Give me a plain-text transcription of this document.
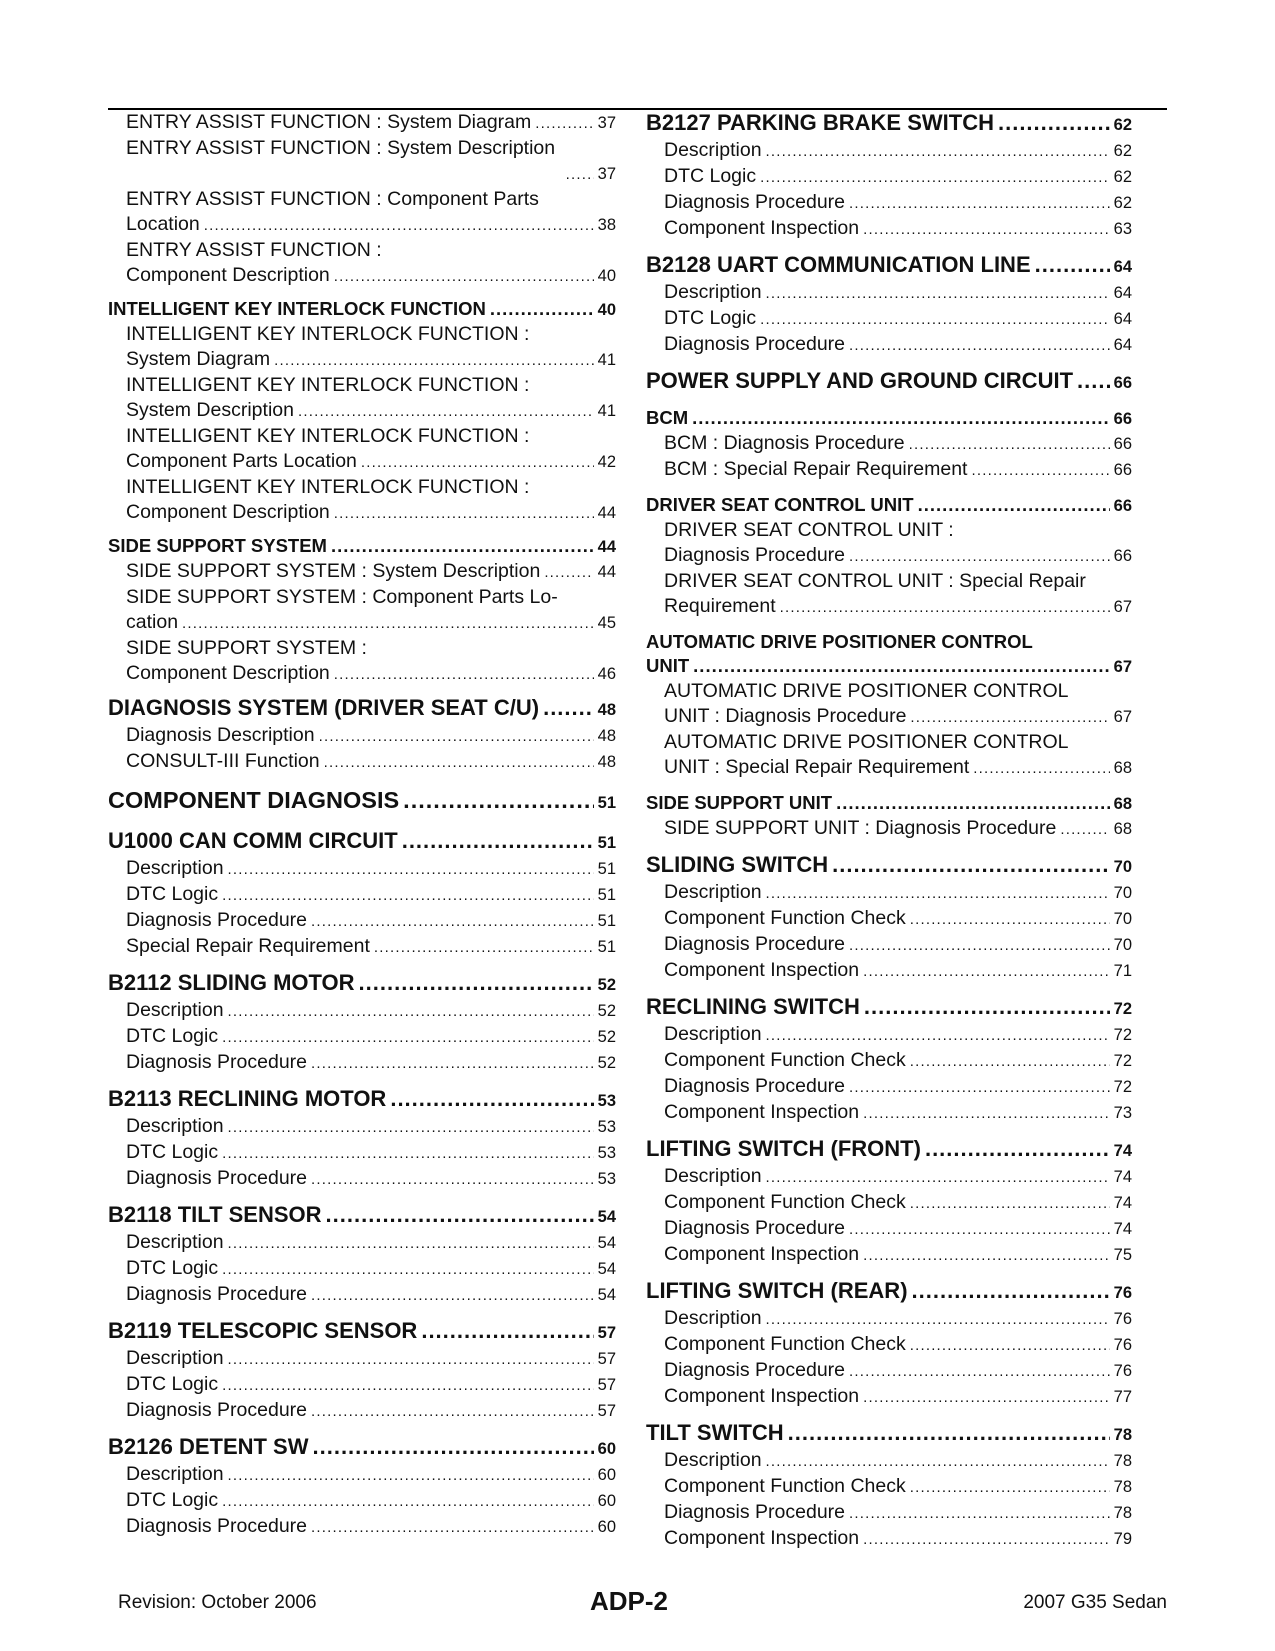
ENTRY ASSIST FUNCTION : System Diagram .....	37
ENTRY ASSIST FUNCTION : System Description
.....
37
ENTRY ASSIST FUNCTION : Component Parts
Location .....	38
ENTRY ASSIST FUNCTION :
Component Description .....	40
INTELLIGENT KEY INTERLOCK FUNCTION .....	40
INTELLIGENT KEY INTERLOCK FUNCTION :
System Diagram .....	41
INTELLIGENT KEY INTERLOCK FUNCTION :
System Description .....	41
INTELLIGENT KEY INTERLOCK FUNCTION :
Component Parts Location .....	42
INTELLIGENT KEY INTERLOCK FUNCTION :
Component Description .....	44
SIDE SUPPORT SYSTEM .....	44
SIDE SUPPORT SYSTEM : System Description .....	44
SIDE SUPPORT SYSTEM : Component Parts Lo-
cation .....	45
SIDE SUPPORT SYSTEM :
Component Description .....	46
DIAGNOSIS SYSTEM (DRIVER SEAT C/U) .....	48
Diagnosis Description .....	48
CONSULT-III Function .....	48
COMPONENT DIAGNOSIS .....	51
U1000 CAN COMM CIRCUIT .....	51
Description .....	51
DTC Logic .....	51
Diagnosis Procedure .....	51
Special Repair Requirement .....	51
B2112 SLIDING MOTOR .....	52
Description .....	52
DTC Logic .....	52
Diagnosis Procedure .....	52
B2113 RECLINING MOTOR .....	53
Description .....	53
DTC Logic .....	53
Diagnosis Procedure .....	53
B2118 TILT SENSOR .....	54
Description .....	54
DTC Logic .....	54
Diagnosis Procedure .....	54
B2119 TELESCOPIC SENSOR .....	57
Description .....	57
DTC Logic .....	57
Diagnosis Procedure .....	57
B2126 DETENT SW .....	60
Description .....	60
DTC Logic .....	60
Diagnosis Procedure .....	60
B2127 PARKING BRAKE SWITCH .....	62
Description .....	62
DTC Logic .....	62
Diagnosis Procedure .....	62
Component Inspection .....	63
B2128 UART COMMUNICATION LINE .....	64
Description .....	64
DTC Logic .....	64
Diagnosis Procedure .....	64
POWER SUPPLY AND GROUND CIRCUIT ..... 66
BCM .....	66
BCM : Diagnosis Procedure .....	66
BCM : Special Repair Requirement .....	66
DRIVER SEAT CONTROL UNIT .....	66
DRIVER SEAT CONTROL UNIT :
Diagnosis Procedure .....	66
DRIVER SEAT CONTROL UNIT : Special Repair
Requirement .....	67
AUTOMATIC DRIVE POSITIONER CONTROL
UNIT .....	67
AUTOMATIC DRIVE POSITIONER CONTROL
UNIT : Diagnosis Procedure .....	67
AUTOMATIC DRIVE POSITIONER CONTROL
UNIT : Special Repair Requirement .....	68
SIDE SUPPORT UNIT .....	68
SIDE SUPPORT UNIT : Diagnosis Procedure .....	68
SLIDING SWITCH .....	70
Description .....	70
Component Function Check .....	70
Diagnosis Procedure .....	70
Component Inspection .....	71
RECLINING SWITCH .....	72
Description .....	72
Component Function Check .....	72
Diagnosis Procedure .....	72
Component Inspection .....	73
LIFTING SWITCH (FRONT) .....	74
Description .....	74
Component Function Check .....	74
Diagnosis Procedure .....	74
Component Inspection .....	75
LIFTING SWITCH (REAR) .....	76
Description .....	76
Component Function Check .....	76
Diagnosis Procedure .....	76
Component Inspection .....	77
TILT SWITCH .....	78
Description .....	78
Component Function Check .....	78
Diagnosis Procedure .....	78
Component Inspection .....	79
Revision: October 2006	ADP-2	2007 G35 Sedan
